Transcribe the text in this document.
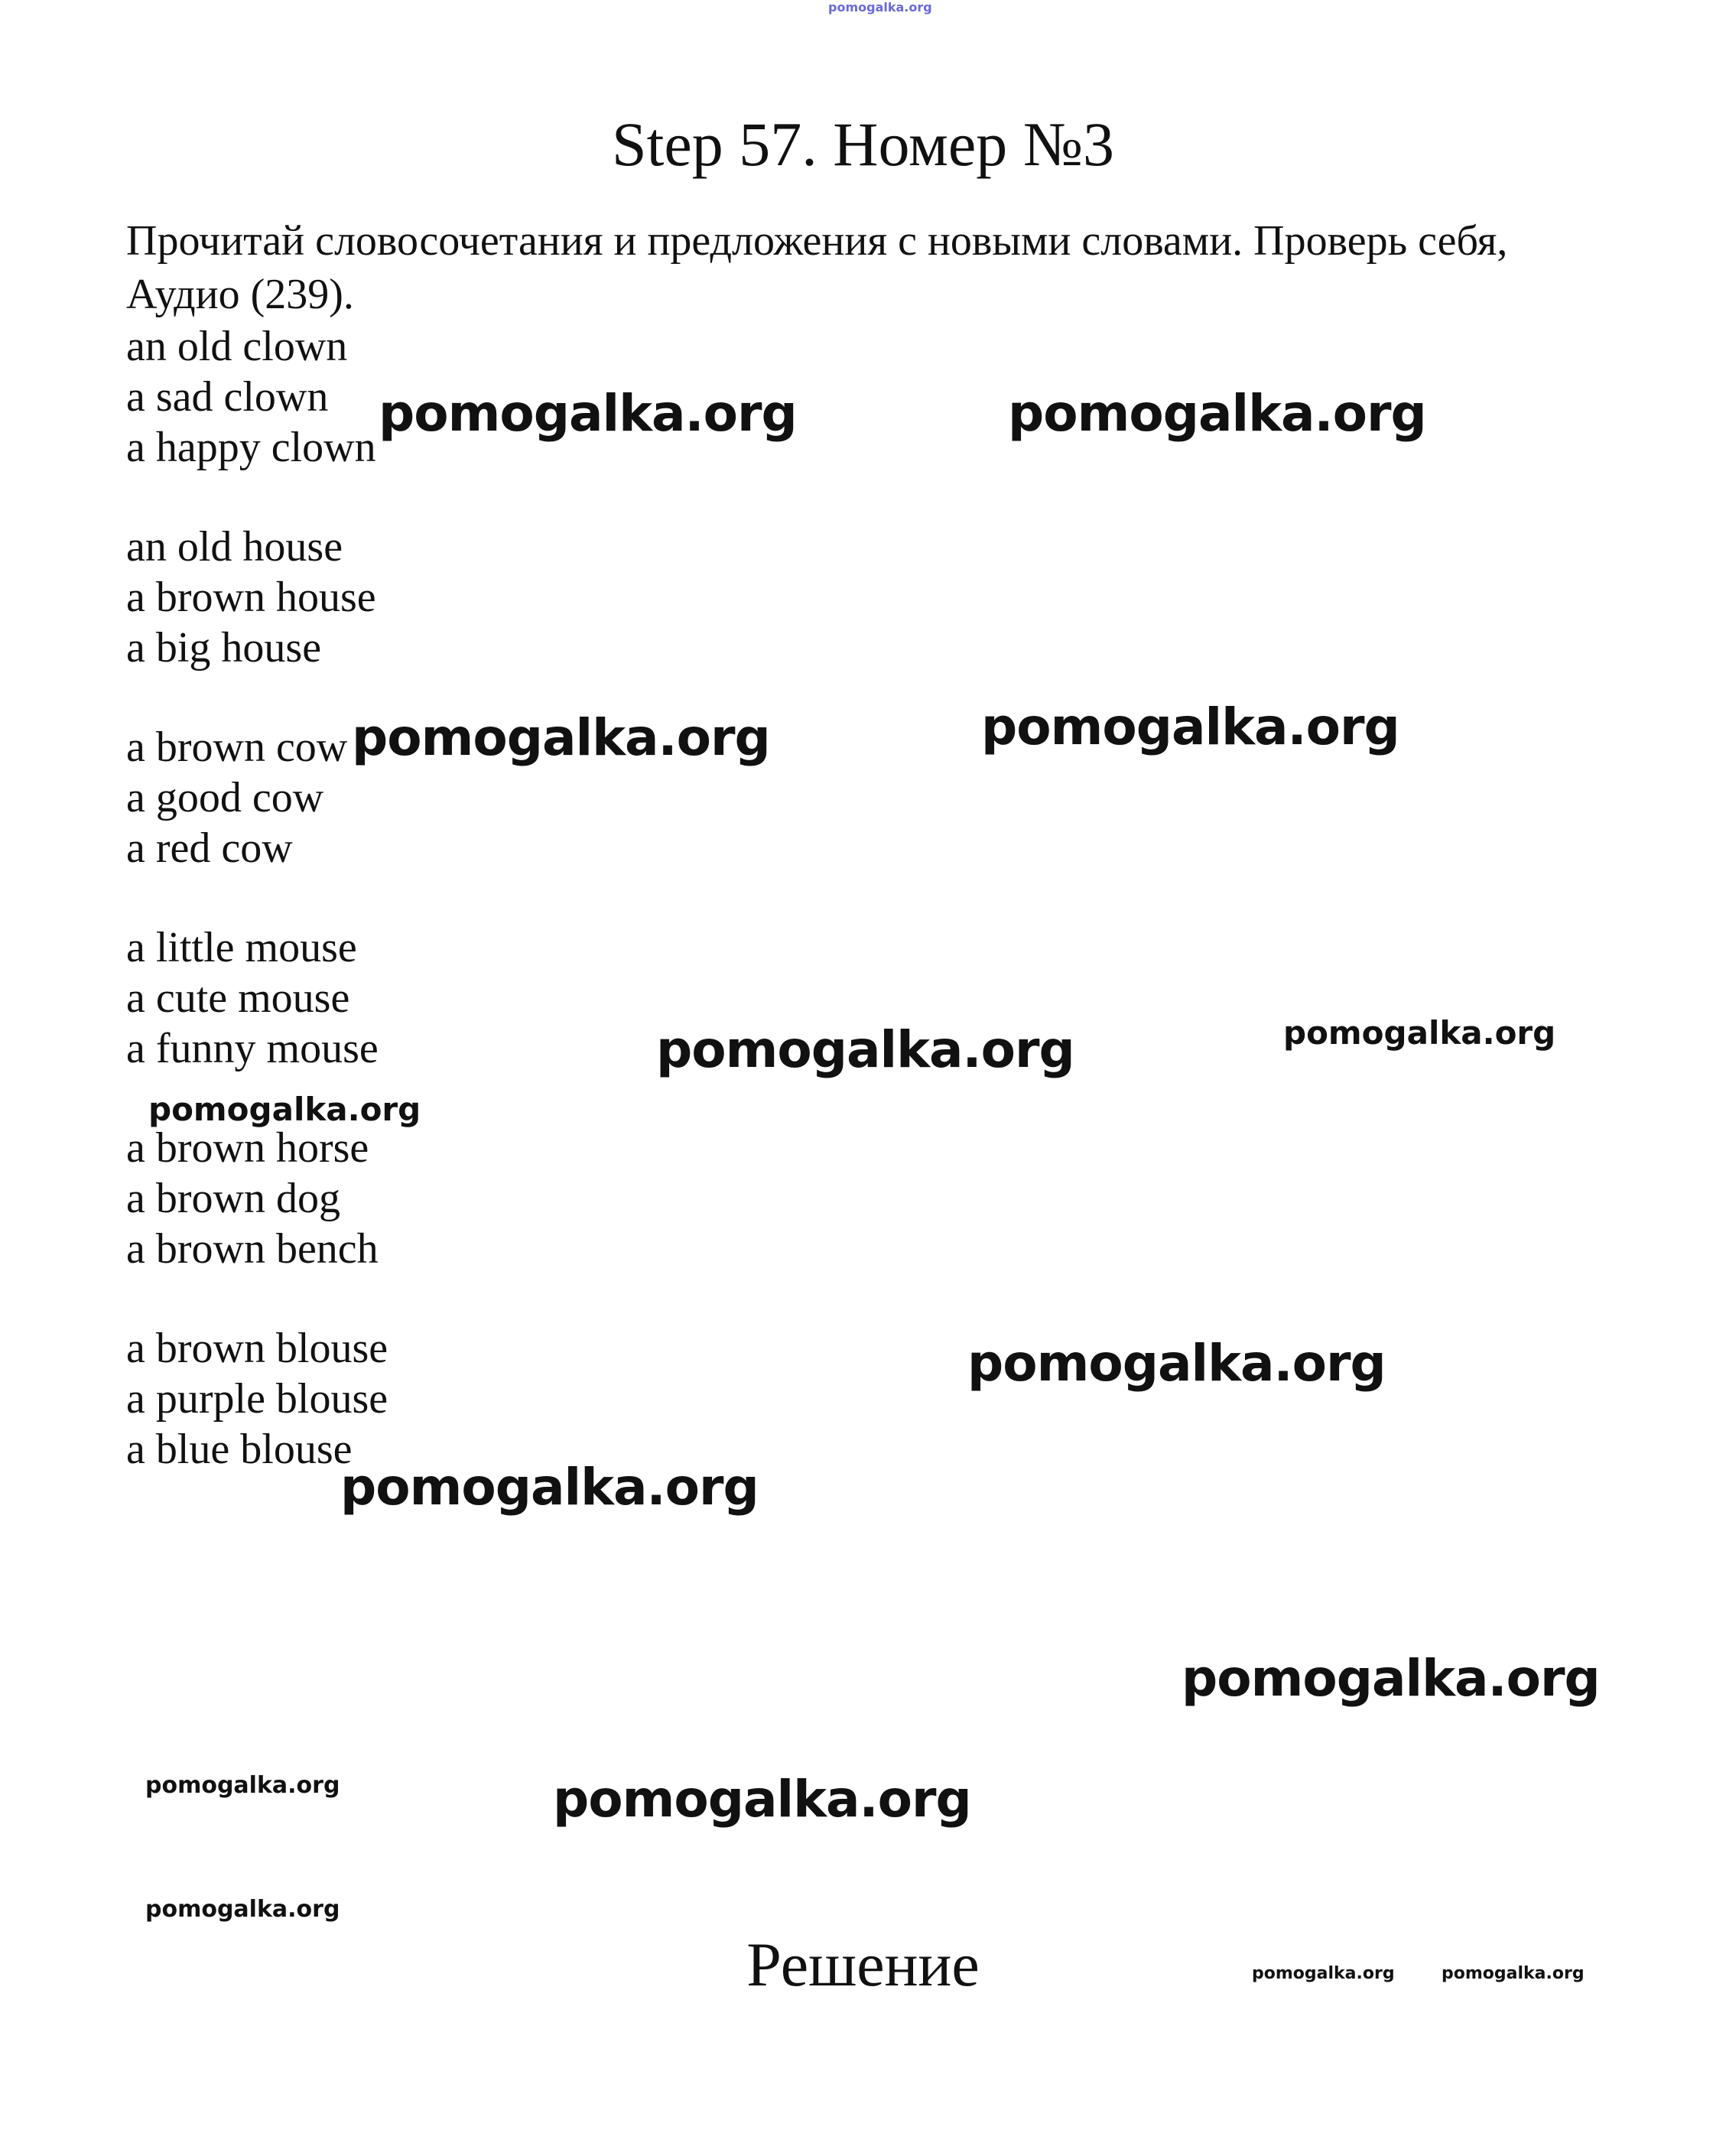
pomogalka.org
Step 57. Номер №3
Прочитай словосочетания и предложения с новыми словами. Проверь себя, Аудио (239).
an old clown
a sad clown
a happy clown
an old house
a brown house
a big house
a brown cow
a good cow
a red cow
a little mouse
a cute mouse
a funny mouse
a brown horse
a brown dog
a brown bench
a brown blouse
a purple blouse
a blue blouse
pomogalka.org	pomogalka.org
pomogalka.org	pomogalka.org
pomogalka.org	pomogalka.org
pomogalka.org
pomogalka.org
pomogalka.org
pomogalka.org
pomogalka.org	pomogalka.org
pomogalka.org
pomogalka.org	pomogalka.org
Решение
